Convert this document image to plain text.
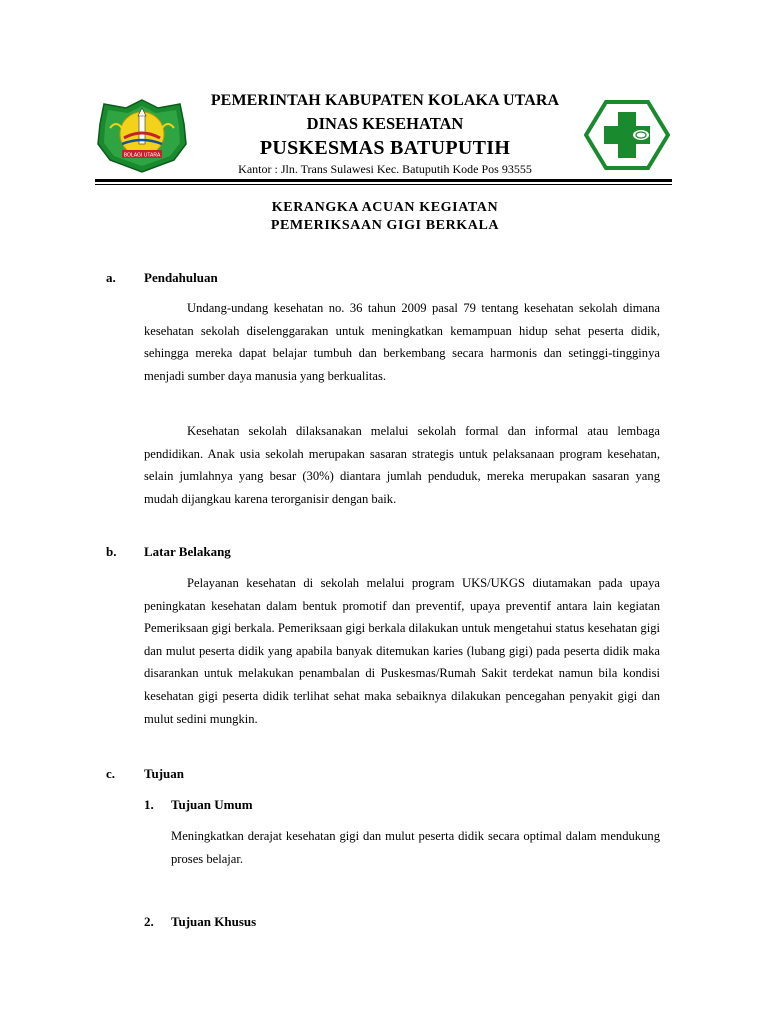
BOLAGI UTARA
PEMERINTAH KABUPATEN KOLAKA UTARA
DINAS KESEHATAN
PUSKESMAS BATUPUTIH
Kantor : Jln. Trans Sulawesi Kec. Batuputih Kode Pos 93555
KERANGKA ACUAN KEGIATAN
PEMERIKSAAN GIGI BERKALA
a. Pendahuluan

Undang-undang kesehatan no. 36 tahun 2009 pasal 79 tentang kesehatan sekolah dimana kesehatan sekolah diselenggarakan untuk meningkatkan kemampuan hidup sehat peserta didik, sehingga mereka dapat belajar tumbuh dan berkembang secara harmonis dan setinggi-tingginya menjadi sumber daya manusia yang berkualitas.

Kesehatan sekolah dilaksanakan melalui sekolah formal dan informal atau lembaga pendidikan. Anak usia sekolah merupakan sasaran strategis untuk pelaksanaan program kesehatan, selain jumlahnya yang besar (30%) diantara jumlah penduduk, mereka merupakan sasaran yang mudah dijangkau karena terorganisir dengan baik.

b. Latar Belakang

Pelayanan kesehatan di sekolah melalui program UKS/UKGS diutamakan pada upaya peningkatan kesehatan dalam bentuk promotif dan preventif, upaya preventif antara lain kegiatan Pemeriksaan gigi berkala. Pemeriksaan gigi berkala dilakukan untuk mengetahui status kesehatan gigi dan mulut peserta didik yang apabila banyak ditemukan karies (lubang gigi) pada peserta didik maka disarankan untuk melakukan penambalan di Puskesmas/Rumah Sakit terdekat namun bila kondisi kesehatan gigi peserta didik terlihat sehat maka sebaiknya dilakukan pencegahan penyakit gigi dan mulut sedini mungkin.

c. Tujuan
1. Tujuan Umum

Meningkatkan derajat kesehatan gigi dan mulut peserta didik secara optimal dalam mendukung proses belajar.

2. Tujuan Khusus
